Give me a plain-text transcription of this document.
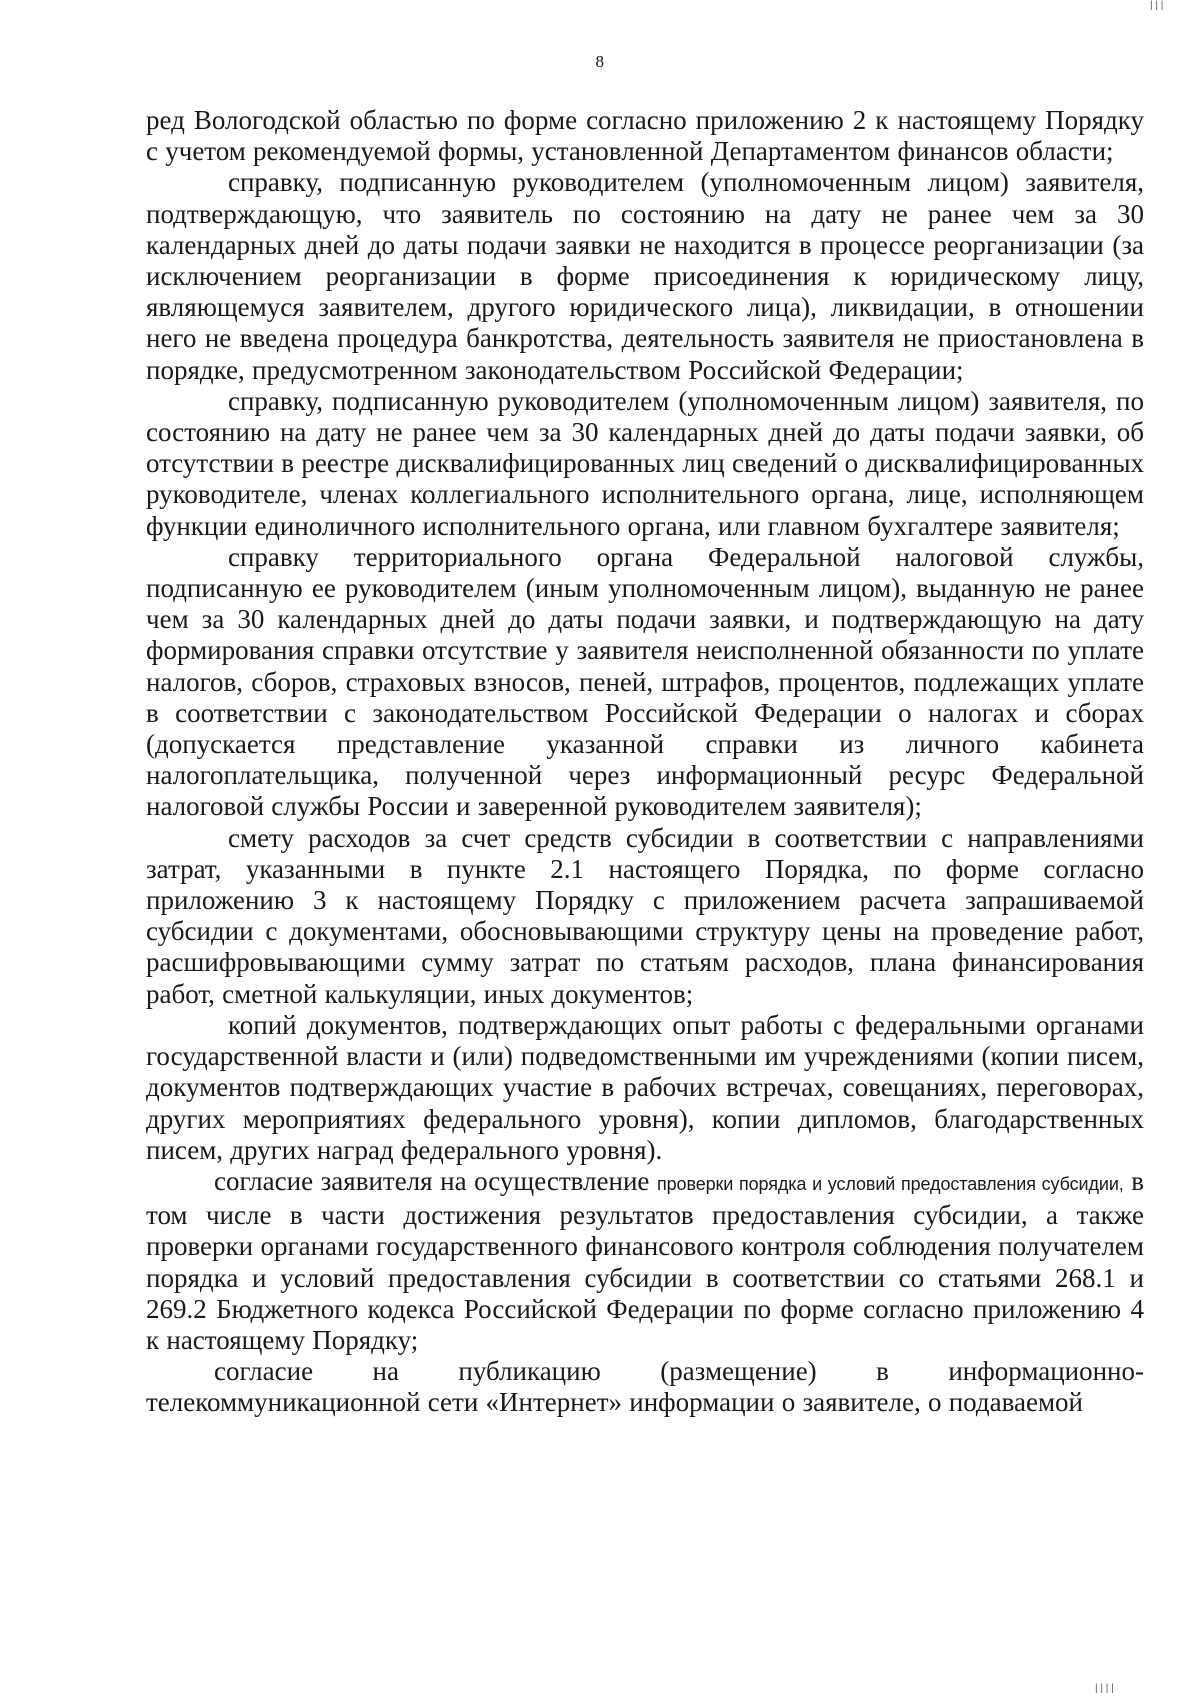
8

ред Вологодской областью по форме согласно приложению 2 к настоящему Порядку с учетом рекомендуемой формы, установленной Департаментом финансов области;

справку, подписанную руководителем (уполномоченным лицом) заявителя, подтверждающую, что заявитель по состоянию на дату не ранее чем за 30 календарных дней до даты подачи заявки не находится в процессе реорганизации (за исключением реорганизации в форме присоединения к юридическому лицу, являющемуся заявителем, другого юридического лица), ликвидации, в отношении него не введена процедура банкротства, деятельность заявителя не приостановлена в порядке, предусмотренном законодательством Российской Федерации;

справку, подписанную руководителем (уполномоченным лицом) заявителя, по состоянию на дату не ранее чем за 30 календарных дней до даты подачи заявки, об отсутствии в реестре дисквалифицированных лиц сведений о дисквалифицированных руководителе, членах коллегиального исполнительного органа, лице, исполняющем функции единоличного исполнительного органа, или главном бухгалтере заявителя;

справку территориального органа Федеральной налоговой службы, подписанную ее руководителем (иным уполномоченным лицом), выданную не ранее чем за 30 календарных дней до даты подачи заявки, и подтверждающую на дату формирования справки отсутствие у заявителя неисполненной обязанности по уплате налогов, сборов, страховых взносов, пеней, штрафов, процентов, подлежащих уплате в соответствии с законодательством Российской Федерации о налогах и сборах (допускается представление указанной справки из личного кабинета налогоплательщика, полученной через информационный ресурс Федеральной налоговой службы России и заверенной руководителем заявителя);

смету расходов за счет средств субсидии в соответствии с направлениями затрат, указанными в пункте 2.1 настоящего Порядка, по форме согласно приложению 3 к настоящему Порядку с приложением расчета запрашиваемой субсидии с документами, обосновывающими структуру цены на проведение работ, расшифровывающими сумму затрат по статьям расходов, плана финансирования работ, сметной калькуляции, иных документов;

копий документов, подтверждающих опыт работы с федеральными органами государственной власти и (или) подведомственными им учреждениями (копии писем, документов подтверждающих участие в рабочих встречах, совещаниях, переговорах, других мероприятиях федерального уровня), копии дипломов, благодарственных писем, других наград федерального уровня).

согласие заявителя на осуществление проверки порядка и условий предоставления субсидии, в том числе в части достижения результатов предоставления субсидии, а также проверки органами государственного финансового контроля соблюдения получателем порядка и условий предоставления субсидии в соответствии со статьями 268.1 и 269.2 Бюджетного кодекса Российской Федерации по форме согласно приложению 4 к настоящему Порядку;

согласие на публикацию (размещение) в информационно-

телекоммуникационной сети «Интернет» информации о заявителе, о подаваемой

| | |
| | | |
